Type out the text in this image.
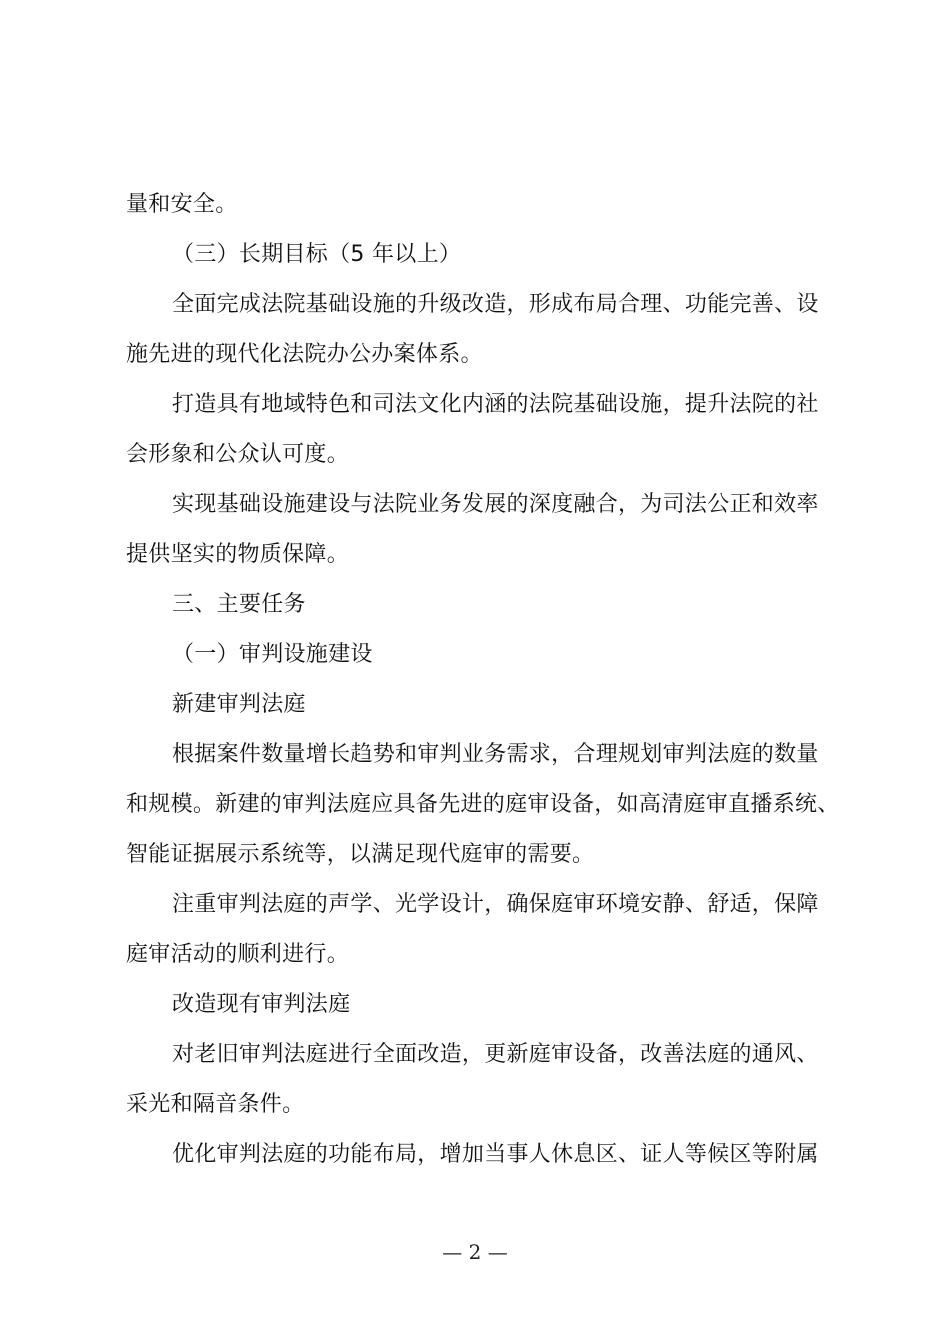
量和安全。
（三）长期目标（5 年以上）
全面完成法院基础设施的升级改造，形成布局合理、功能完善、设
施先进的现代化法院办公办案体系。
打造具有地域特色和司法文化内涵的法院基础设施，提升法院的社
会形象和公众认可度。
实现基础设施建设与法院业务发展的深度融合，为司法公正和效率
提供坚实的物质保障。
三、主要任务
（一）审判设施建设
新建审判法庭
根据案件数量增长趋势和审判业务需求，合理规划审判法庭的数量
和规模。新建的审判法庭应具备先进的庭审设备，如高清庭审直播系统、
智能证据展示系统等，以满足现代庭审的需要。
注重审判法庭的声学、光学设计，确保庭审环境安静、舒适，保障
庭审活动的顺利进行。
改造现有审判法庭
对老旧审判法庭进行全面改造，更新庭审设备，改善法庭的通风、
采光和隔音条件。
优化审判法庭的功能布局，增加当事人休息区、证人等候区等附属
— 2 —
